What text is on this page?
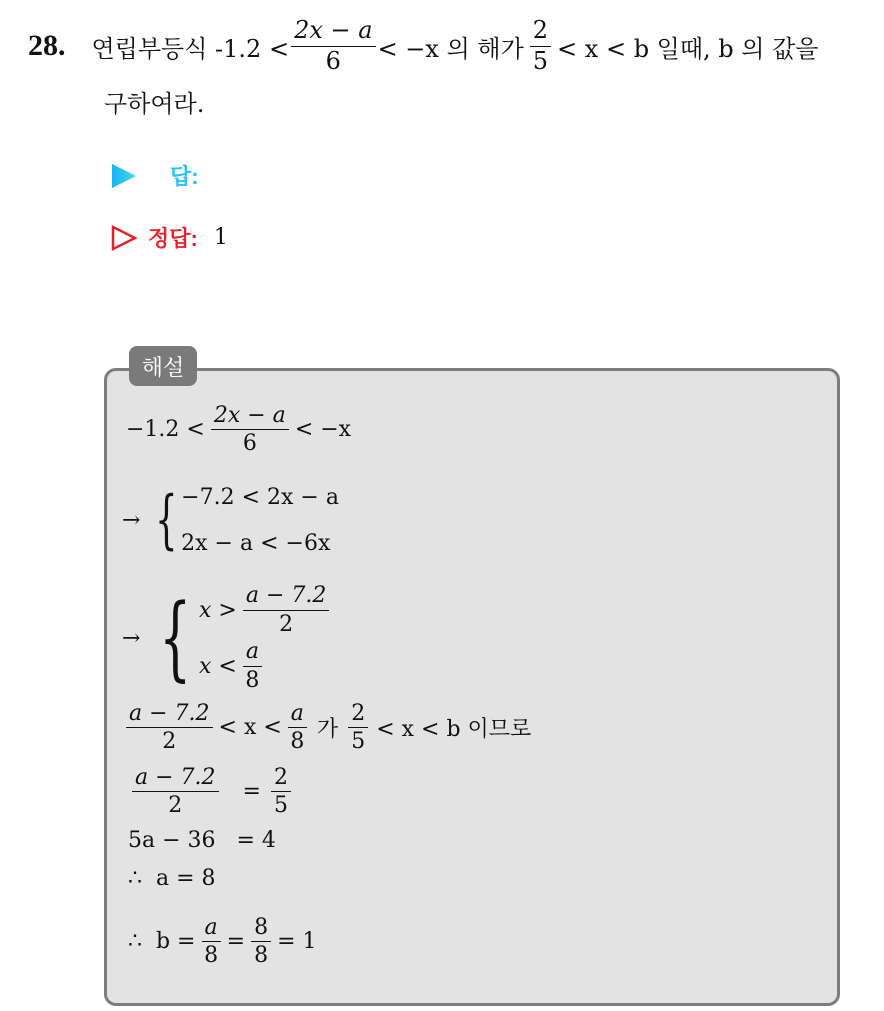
28. 연립부등식 $-1.2 < \frac{2x - a}{6} < -x$ 의 해가 $\frac{2}{5} < x < b$ 일때, b 의 값을
구하여라.
답:
정답: 1
해설
$-1.2 < \frac{2x - a}{6} < -x$
→ { −7.2 < 2x − a
2x − a < −6x
→ { $x > \frac{a - 7.2}{2}$
$x < \frac{a}{8}$
$\frac{a - 7.2}{2} < x < \frac{a}{8}$ 가 $\frac{2}{5} < x < b$ 이므로
$\frac{a - 7.2}{2} = \frac{2}{5}$
5a − 36   = 4
∴  a = 8
∴  $b = \frac{a}{8} = \frac{8}{8} = 1$
